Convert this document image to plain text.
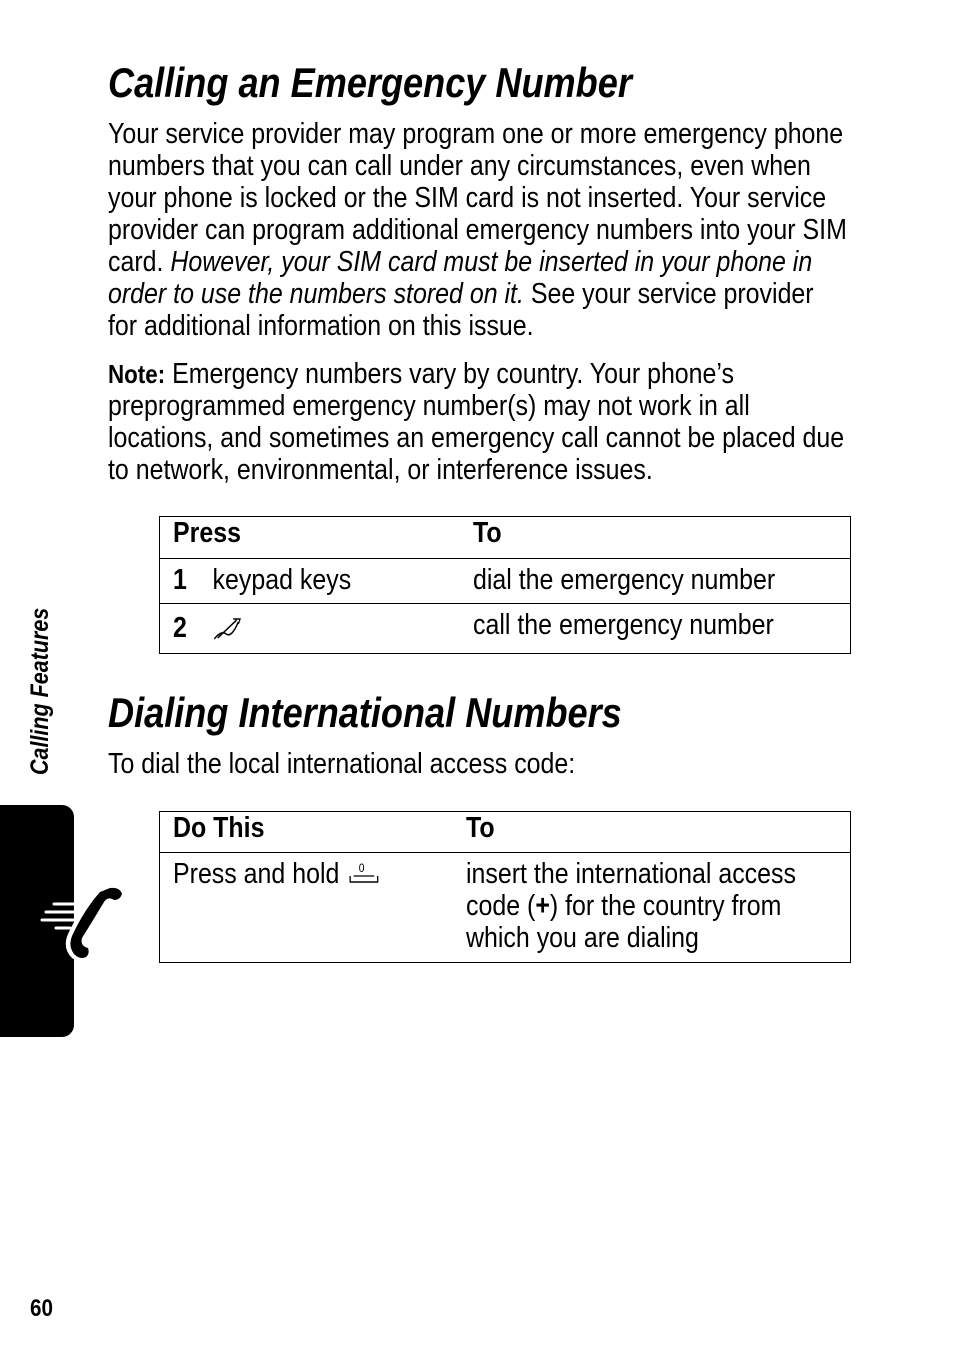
Calling an Emergency Number

Your service provider may program one or more emergency phone numbers that you can call under any circumstances, even when your phone is locked or the SIM card is not inserted. Your service provider can program additional emergency numbers into your SIM card. However, your SIM card must be inserted in your phone in order to use the numbers stored on it. See your service provider for additional information on this issue.

Note: Emergency numbers vary by country. Your phone’s preprogrammed emergency number(s) may not work in all locations, and sometimes an emergency call cannot be placed due to network, environmental, or interference issues.

Press	To
1 keypad keys	dial the emergency number
2	call the emergency number
Dialing International Numbers

To dial the local international access code:

Do This	To
Press and hold 0	insert the international access
code (+) for the country from
which you are dialing
Calling Features
60
